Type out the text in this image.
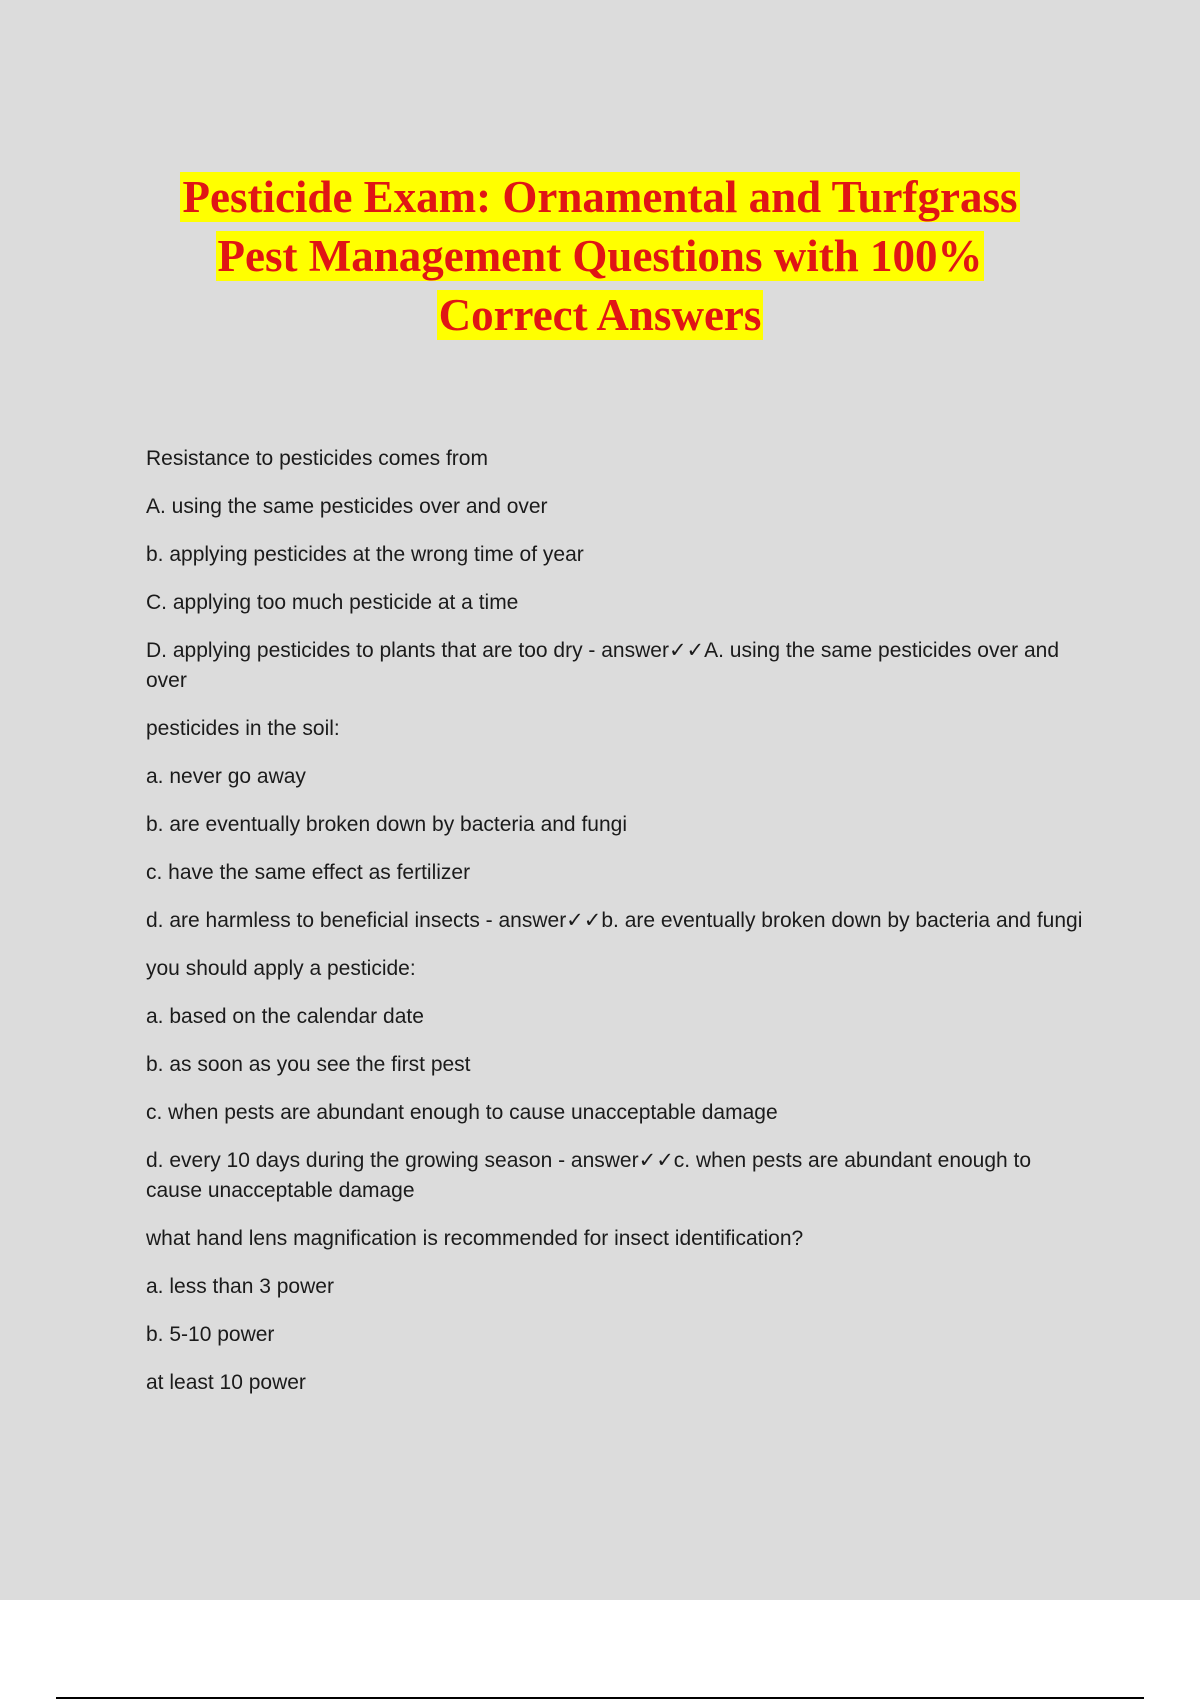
Pesticide Exam: Ornamental and Turfgrass
Pest Management Questions with 100%
Correct Answers

Resistance to pesticides comes from

A. using the same pesticides over and over

b. applying pesticides at the wrong time of year

C. applying too much pesticide at a time

D. applying pesticides to plants that are too dry - answer✓✓A. using the same pesticides over and over

pesticides in the soil:

a. never go away

b. are eventually broken down by bacteria and fungi

c. have the same effect as fertilizer

d. are harmless to beneficial insects - answer✓✓b. are eventually broken down by bacteria and fungi

you should apply a pesticide:

a. based on the calendar date

b. as soon as you see the first pest

c. when pests are abundant enough to cause unacceptable damage

d. every 10 days during the growing season - answer✓✓c. when pests are abundant enough to cause unacceptable damage

what hand lens magnification is recommended for insect identification?

a. less than 3 power

b. 5-10 power

at least 10 power
